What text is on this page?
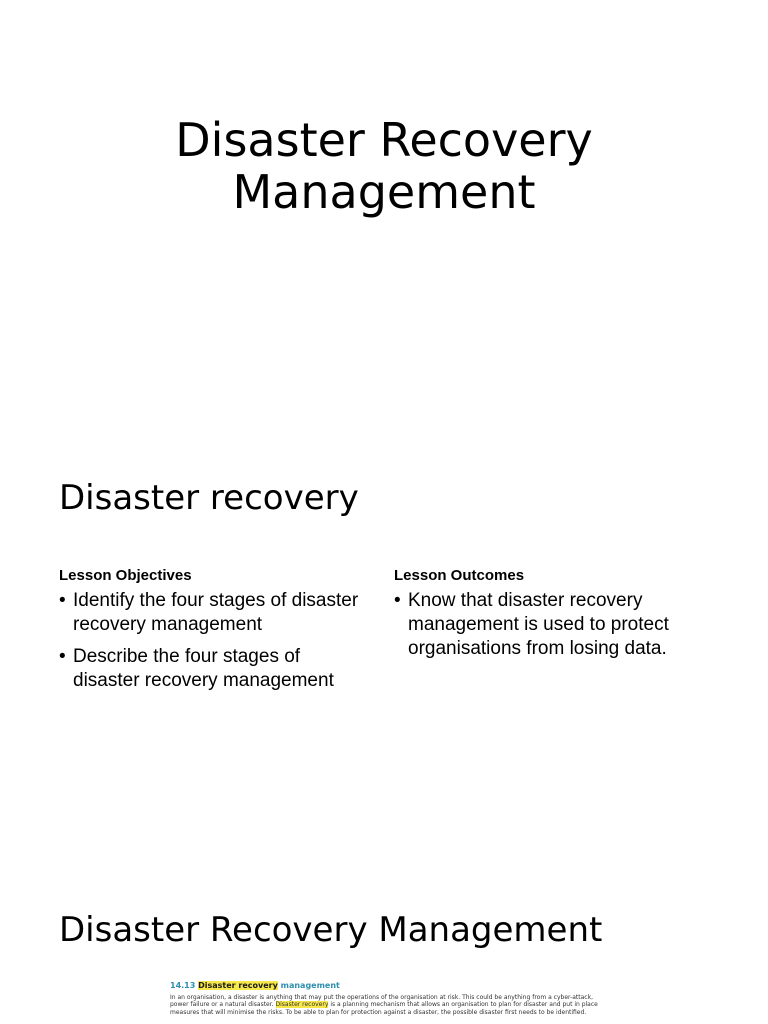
Disaster Recovery
Management
Disaster recovery
Lesson Objectives
• Identify the four stages of disaster recovery management
• Describe the four stages of disaster recovery management
Lesson Outcomes
• Know that disaster recovery management is used to protect organisations from losing data.
Disaster Recovery Management
14.13 Disaster recovery management
In an organisation, a disaster is anything that may put the operations of the organisation at risk. This could be anything from a cyber-attack, power failure or a natural disaster. Disaster recovery is a planning mechanism that allows an organisation to plan for disaster and put in place measures that will minimise the risks. To be able to plan for protection against a disaster, the possible disaster first needs to be identified.
